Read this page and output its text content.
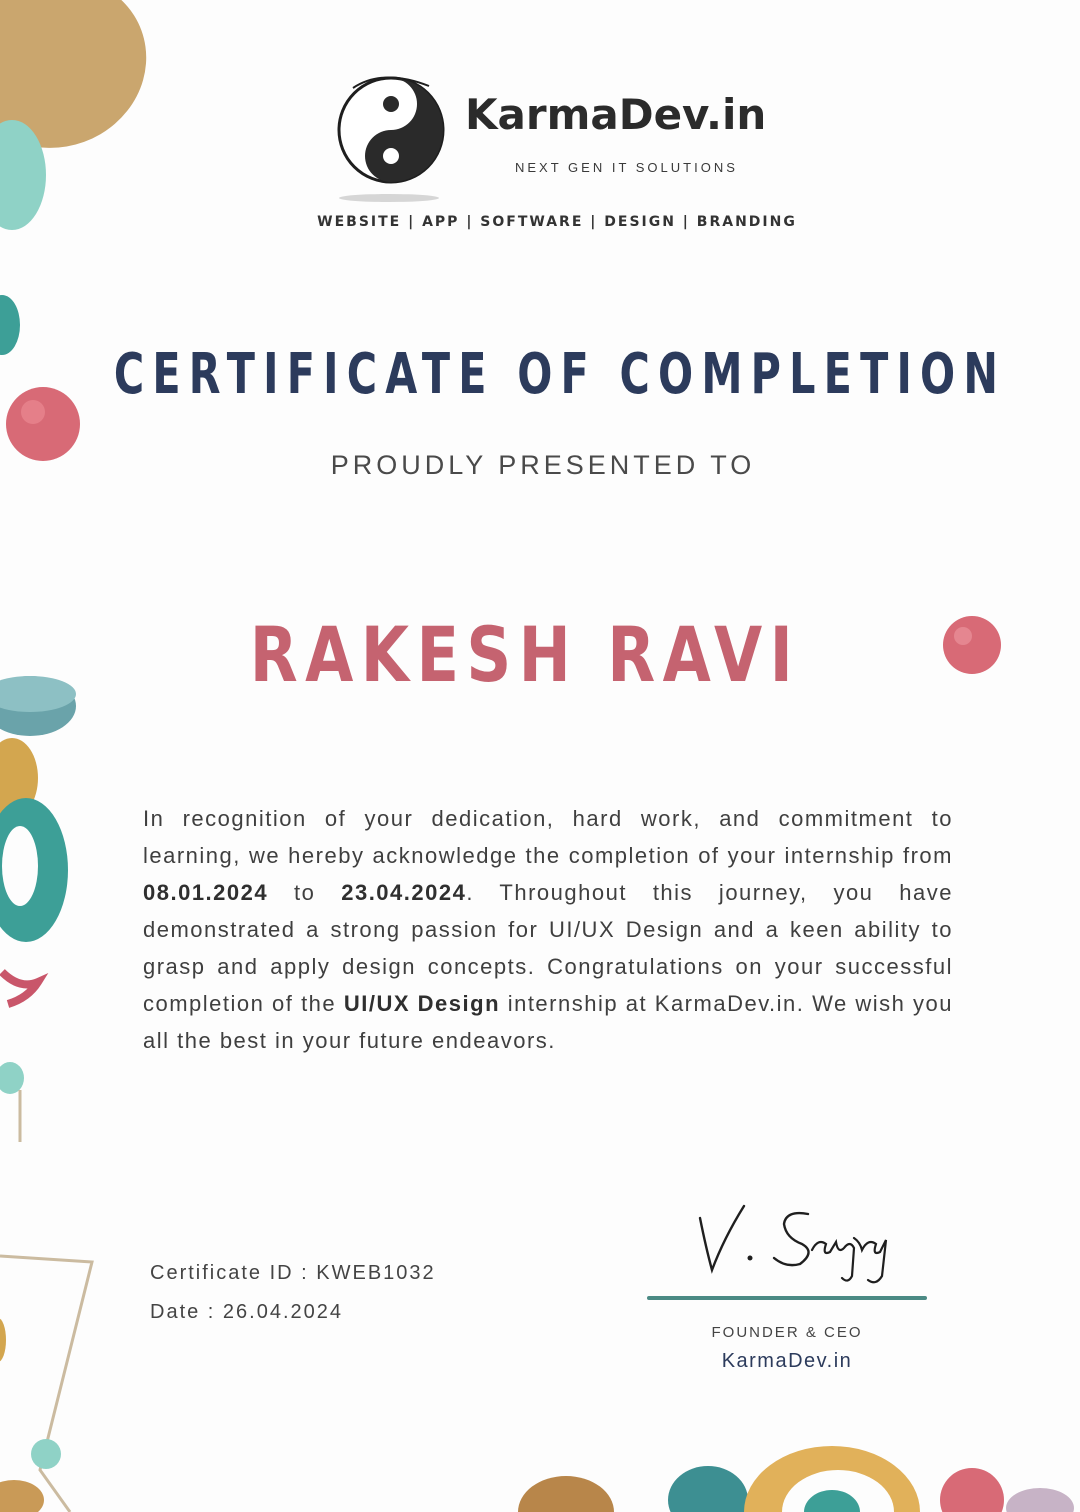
KarmaDev.in
NEXT GEN IT SOLUTIONS
WEBSITE | APP | SOFTWARE | DESIGN | BRANDING
CERTIFICATE OF COMPLETION
PROUDLY PRESENTED TO
RAKESH RAVI
In recognition of your dedication, hard work, and commitment to learning, we hereby acknowledge the completion of your internship from 08.01.2024 to 23.04.2024. Throughout this journey, you have demonstrated a strong passion for UI/UX Design and a keen ability to grasp and apply design concepts. Congratulations on your successful completion of the UI/UX Design internship at KarmaDev.in. We wish you all the best in your future endeavors.
Certificate ID : KWEB1032
Date : 26.04.2024
FOUNDER & CEO
KarmaDev.in
